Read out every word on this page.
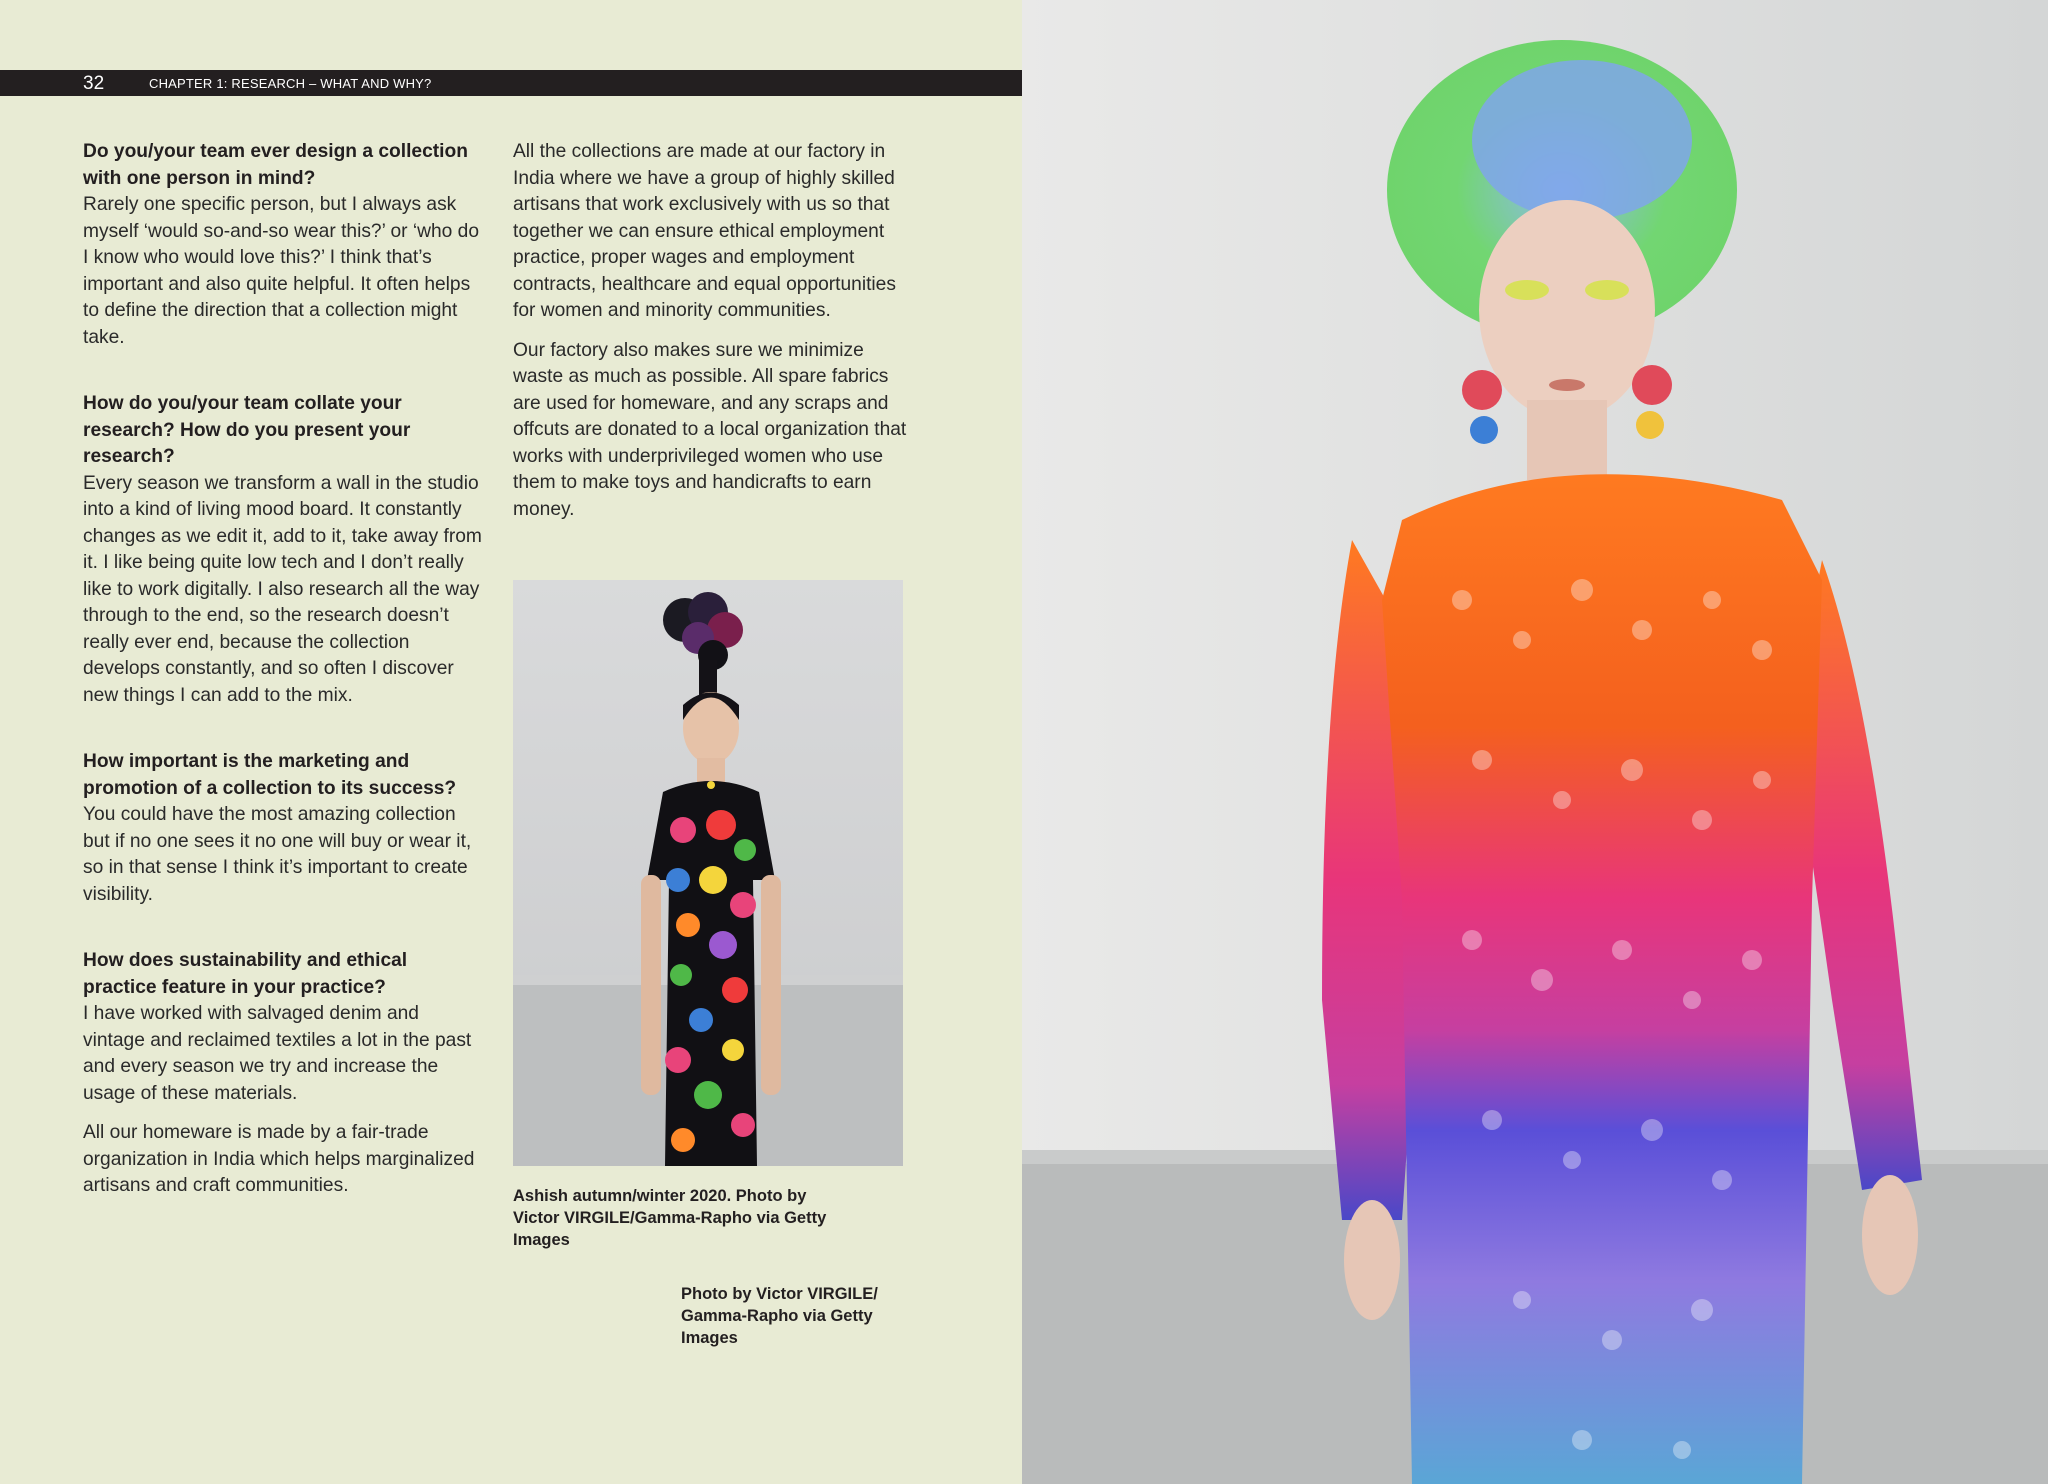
32	CHAPTER 1: RESEARCH – WHAT AND WHY?

Do you/your team ever design a collection with one person in mind?

Rarely one specific person, but I always ask myself ‘would so-and-so wear this?’ or ‘who do I know who would love this?’ I think that’s important and also quite helpful. It often helps to define the direction that a collection might take.

How do you/your team collate your research? How do you present your research?

Every season we transform a wall in the studio into a kind of living mood board. It constantly changes as we edit it, add to it, take away from it. I like being quite low tech and I don’t really like to work digitally. I also research all the way through to the end, so the research doesn’t really ever end, because the collection develops constantly, and so often I discover new things I can add to the mix.

How important is the marketing and promotion of a collection to its success?

You could have the most amazing collection but if no one sees it no one will buy or wear it, so in that sense I think it’s important to create visibility.

How does sustainability and ethical practice feature in your practice?

I have worked with salvaged denim and vintage and reclaimed textiles a lot in the past and every season we try and increase the usage of these materials.

All our homeware is made by a fair-trade organization in India which helps marginalized artisans and craft communities.

All the collections are made at our factory in India where we have a group of highly skilled artisans that work exclusively with us so that together we can ensure ethical employment practice, proper wages and employment contracts, healthcare and equal opportunities for women and minority communities.

Our factory also makes sure we minimize waste as much as possible. All spare fabrics are used for homeware, and any scraps and offcuts are donated to a local organization that works with underprivileged women who use them to make toys and handicrafts to earn money.

Ashish autumn/winter 2020. Photo by Victor VIRGILE/Gamma-Rapho via Getty Images
Photo by Victor VIRGILE/ Gamma-Rapho via Getty Images
